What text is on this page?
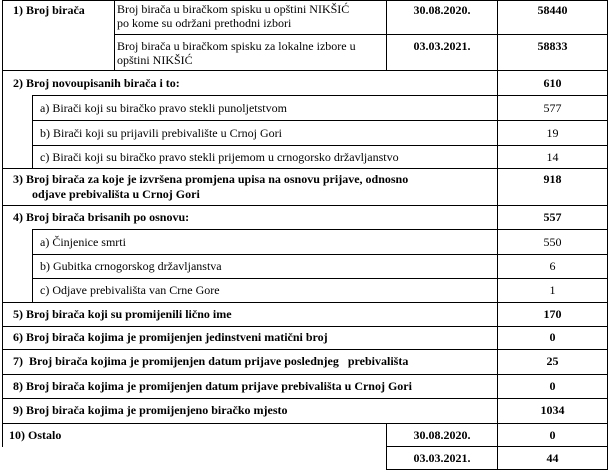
1) Broj birača	Broj birača u biračkom spisku u opštini NIKŠIĆ
po kome su održani prethodni izbori
30.08.2020.	58440
Broj birača u biračkom spisku za lokalne izbore u
opštini NIKŠIĆ
03.03.2021.	58833
2) Broj novoupisanih birača i to:	610
a) Birači koji su biračko pravo stekli punoljetstvom	577
b) Birači koji su prijavili prebivalište u Crnoj Gori	19
c) Birači koji su biračko pravo stekli prijemom u crnogorsko državljanstvo	14
3) Broj birača za koje je izvršena promjena upisa na osnovu prijave, odnosno
odjave prebivališta u Crnoj Gori
918
4) Broj birača brisanih po osnovu:	557
a) Činjenice smrti	550
b) Gubitka crnogorskog državljanstva	6
c) Odjave prebivališta van Crne Gore	1
5) Broj birača koji su promijenili lično ime	170
6) Broj birača kojima je promijenjen jedinstveni matični broj	0
7)  Broj birača kojima je promijenjen datum prijave poslednjeg   prebivališta	25
8) Broj birača kojima je promijenjen datum prijave prebivališta u Crnoj Gori	0
9) Broj birača kojima je promijenjeno biračko mjesto	1034
10) Ostalo	30.08.2020.	0
03.03.2021.	44
